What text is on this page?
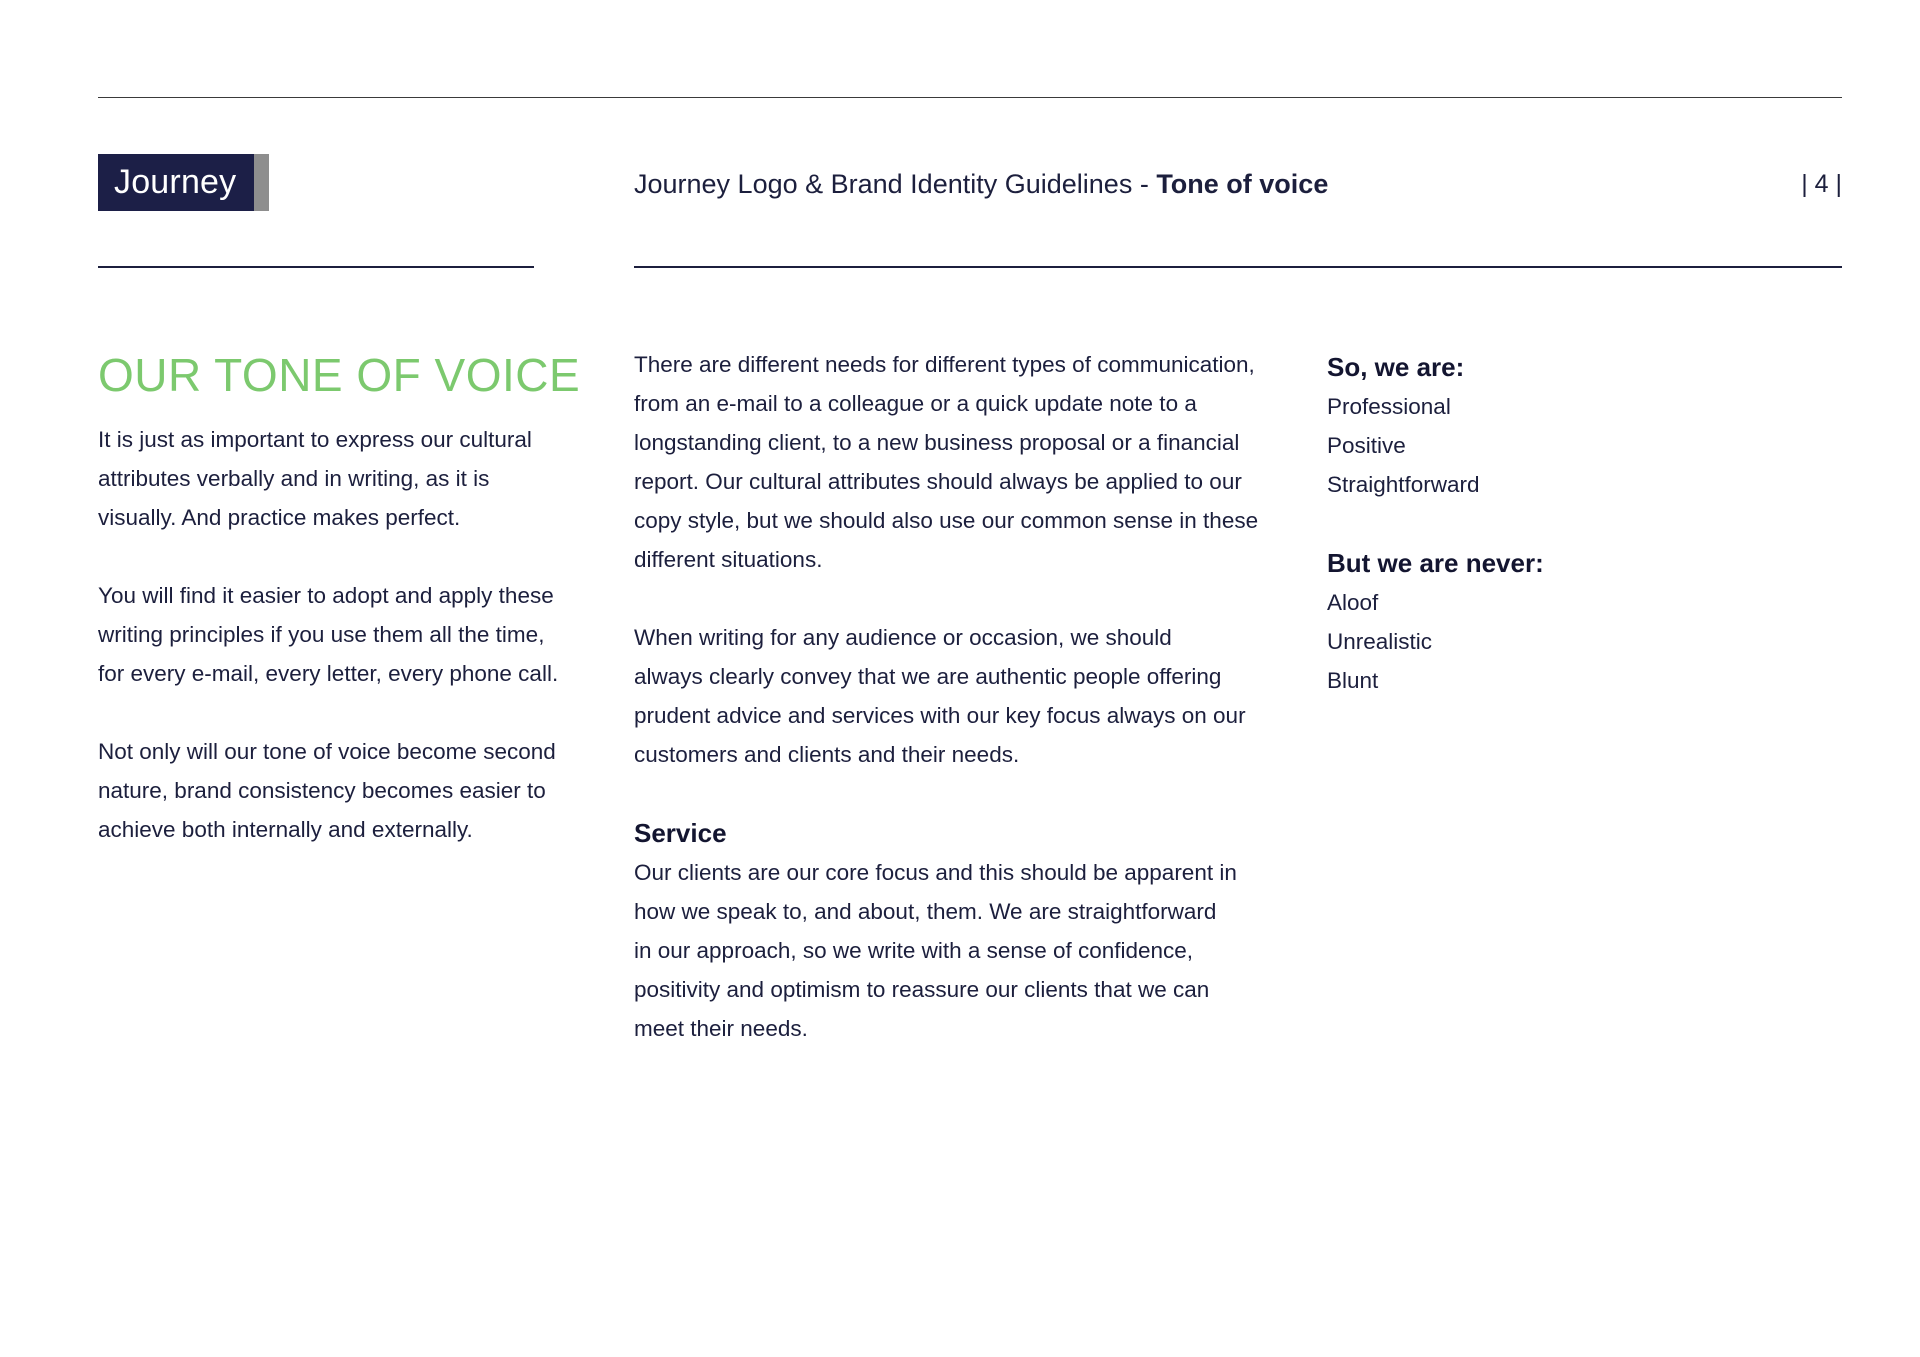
Journey	Journey Logo & Brand Identity Guidelines - Tone of voice	| 4 |
OUR TONE OF VOICE

It is just as important to express our cultural
attributes verbally and in writing, as it is
visually. And practice makes perfect.

You will find it easier to adopt and apply these
writing principles if you use them all the time,
for every e-mail, every letter, every phone call.

Not only will our tone of voice become second
nature, brand consistency becomes easier to
achieve both internally and externally.

There are different needs for different types of communication,
from an e-mail to a colleague or a quick update note to a
longstanding client, to a new business proposal or a financial
report. Our cultural attributes should always be applied to our
copy style, but we should also use our common sense in these
different situations.

When writing for any audience or occasion, we should
always clearly convey that we are authentic people offering
prudent advice and services with our key focus always on our
customers and clients and their needs.

Service

Our clients are our core focus and this should be apparent in
how we speak to, and about, them. We are straightforward
in our approach, so we write with a sense of confidence,
positivity and optimism to reassure our clients that we can
meet their needs.

So, we are:
Professional
Positive
Straightforward
But we are never:
Aloof
Unrealistic
Blunt
